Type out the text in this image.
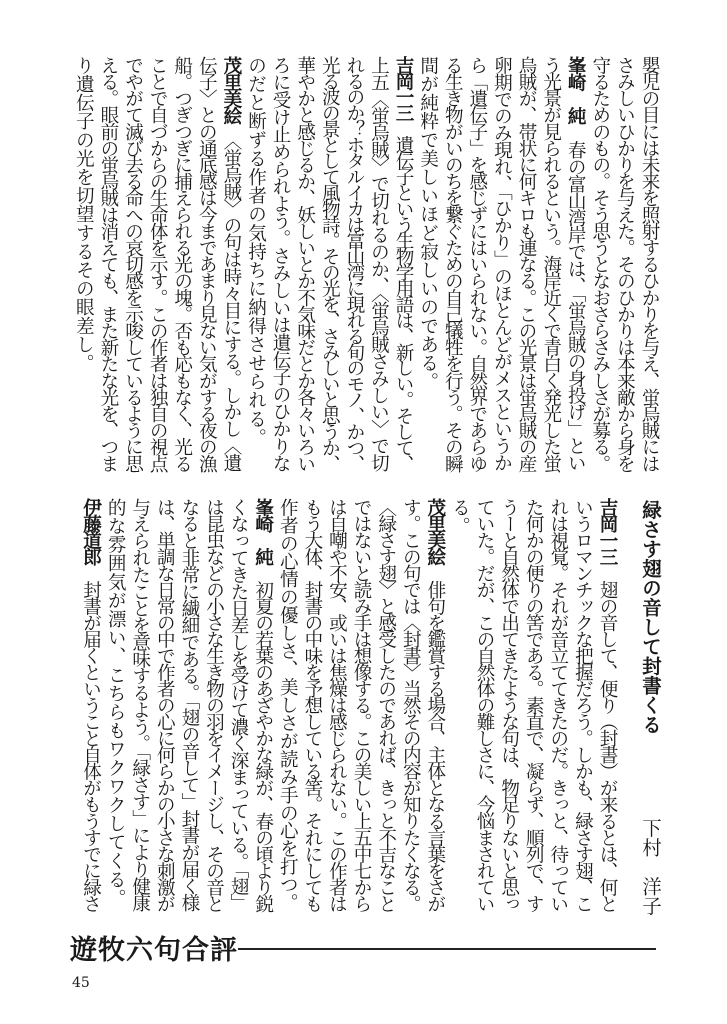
嬰児の目には未来を照射するひかりを与え、蛍烏賊には
さみしいひかりを与えた。そのひかりは本来敵から身を
守るためのもの。そう思うとなおさらさみしさが募る。
峯崎　純　春の富山湾岸では、「蛍烏賊の身投げ」とい
う光景が見られるという。海岸近くで青白く発光した蛍
烏賊が、帯状に何キロも連なる。この光景は蛍烏賊の産
卵期でのみ現れ、「ひかり」のほとんどがメスというか
ら「遺伝子」を感じずにはいられない。自然界であらゆ
る生き物がいのちを繋ぐための自己犠牲を行う。その瞬
間が純粋で美しいほど寂しいのである。
吉岡一三　遺伝子という生物学用語は、新しい。そして、
上五〈蛍烏賊〉で切れるのか、〈蛍烏賊さみしい〉で切
れるのか？ホタルイカは富山湾に現れる旬のモノ、かつ、
光る波の景として風物詩。その光を、さみしいと思うか、
華やかと感じるか、妖しいとか不気味だとか各々いろい
ろに受け止められよう。さみしいは遺伝子のひかりな
のだと断ずる作者の気持ちに納得させられる。
茂里美絵　〈蛍烏賊〉の句は時々目にする。しかし〈遺
伝子〉との通底感は今まであまり見ない気がする夜の漁
船。つぎつぎに捕えられる光の塊。否も応もなく、光る
ことで自づからの生命体を示す。この作者は独自の視点
でやがて滅び去る命への哀切感を示唆しているように思
える。眼前の蛍烏賊は消えても、また新たな光を、つま
り遺伝子の光を切望するその眼差し。
緑さす翅の音して封書くる
下村　洋子
吉岡一三　翅の音して、便り（封書）が来るとは、何と
いうロマンチックな把握だろう。しかも、緑さす翅、こ
れは視覚。それが音立ててきたのだ。きっと、待ってい
た何かの便りの筈である。素直で、凝らず、順列で、す
うーと自然体で出てきたような句は、物足りないと思っ
ていた。だが、この自然体の難しさに、今悩まされてい
る。
茂里美絵　俳句を鑑賞する場合、主体となる言葉をさが
す。この句では〈封書〉当然その内容が知りたくなる。
〈緑さす翅〉と感受したのであれば、きっと不吉なこと
ではないと読み手は想像する。この美しい上五中七から
は自嘲や不安、或いは焦燥は感じられない。この作者は
もう大体、封書の中味を予想している筈。それにしても
作者の心情の優しさ、美しさが読み手の心を打つ。
峯崎　純　初夏の若葉のあざやかな緑が、春の頃より鋭
くなってきた日差しを受けて濃く深まっている。「翅」
は昆虫などの小さな生き物の羽をイメージし、その音と
なると非常に繊細である。「翅の音して」封書が届く様
は、単調な日常の中で作者の心に何らかの小さな刺激が
与えられたことを意味するよう。「緑さす」により健康
的な雰囲気が漂い、こちらもワクワクしてくる。
伊藤道郎　封書が届くということ自体がもうすでに緑さ
遊牧六句合評
45
